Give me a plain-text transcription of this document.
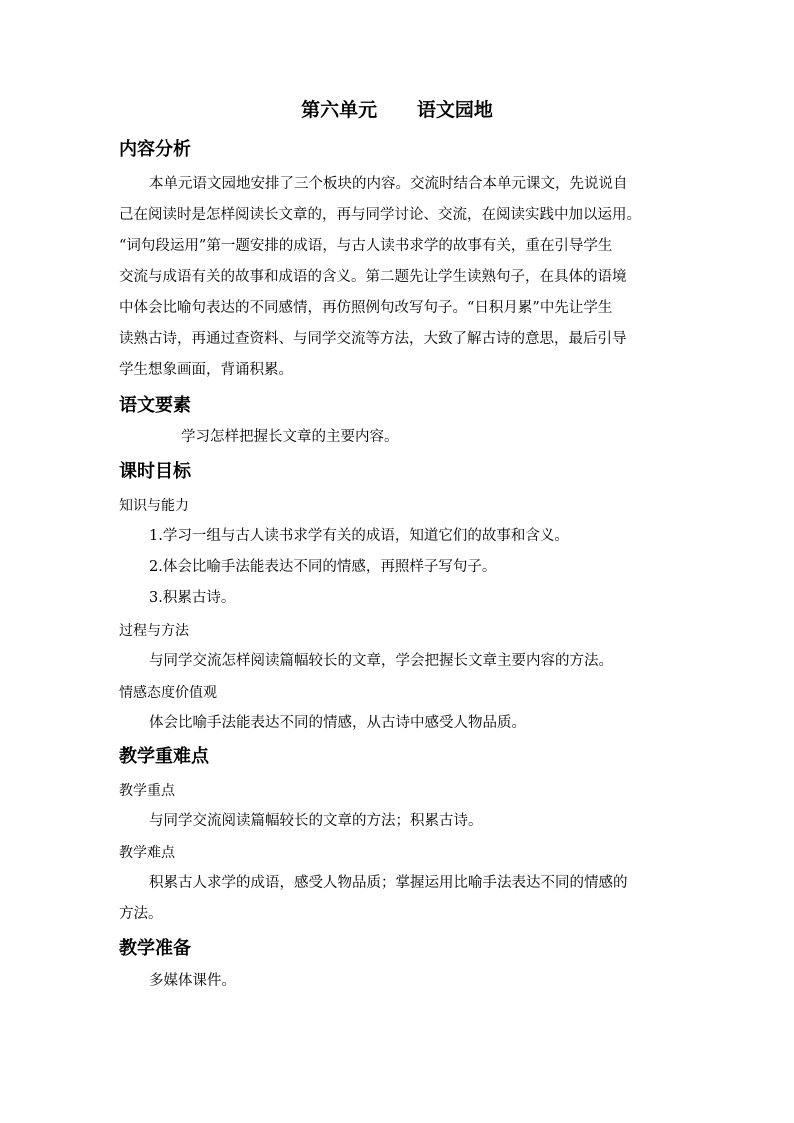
第六单元      语文园地
内容分析
本单元语文园地安排了三个板块的内容。交流时结合本单元课文，先说说自
己在阅读时是怎样阅读长文章的，再与同学讨论、交流，在阅读实践中加以运用。
“词句段运用”第一题安排的成语，与古人读书求学的故事有关，重在引导学生
交流与成语有关的故事和成语的含义。第二题先让学生读熟句子，在具体的语境
中体会比喻句表达的不同感情，再仿照例句改写句子。“日积月累”中先让学生
读熟古诗，再通过查资料、与同学交流等方法，大致了解古诗的意思，最后引导
学生想象画面，背诵积累。
语文要素
学习怎样把握长文章的主要内容。
课时目标
知识与能力
1.学习一组与古人读书求学有关的成语，知道它们的故事和含义。
2.体会比喻手法能表达不同的情感，再照样子写句子。
3.积累古诗。
过程与方法
与同学交流怎样阅读篇幅较长的文章，学会把握长文章主要内容的方法。
情感态度价值观
体会比喻手法能表达不同的情感，从古诗中感受人物品质。
教学重难点
教学重点
与同学交流阅读篇幅较长的文章的方法；积累古诗。
教学难点
积累古人求学的成语，感受人物品质；掌握运用比喻手法表达不同的情感的
方法。
教学准备
多媒体课件。
